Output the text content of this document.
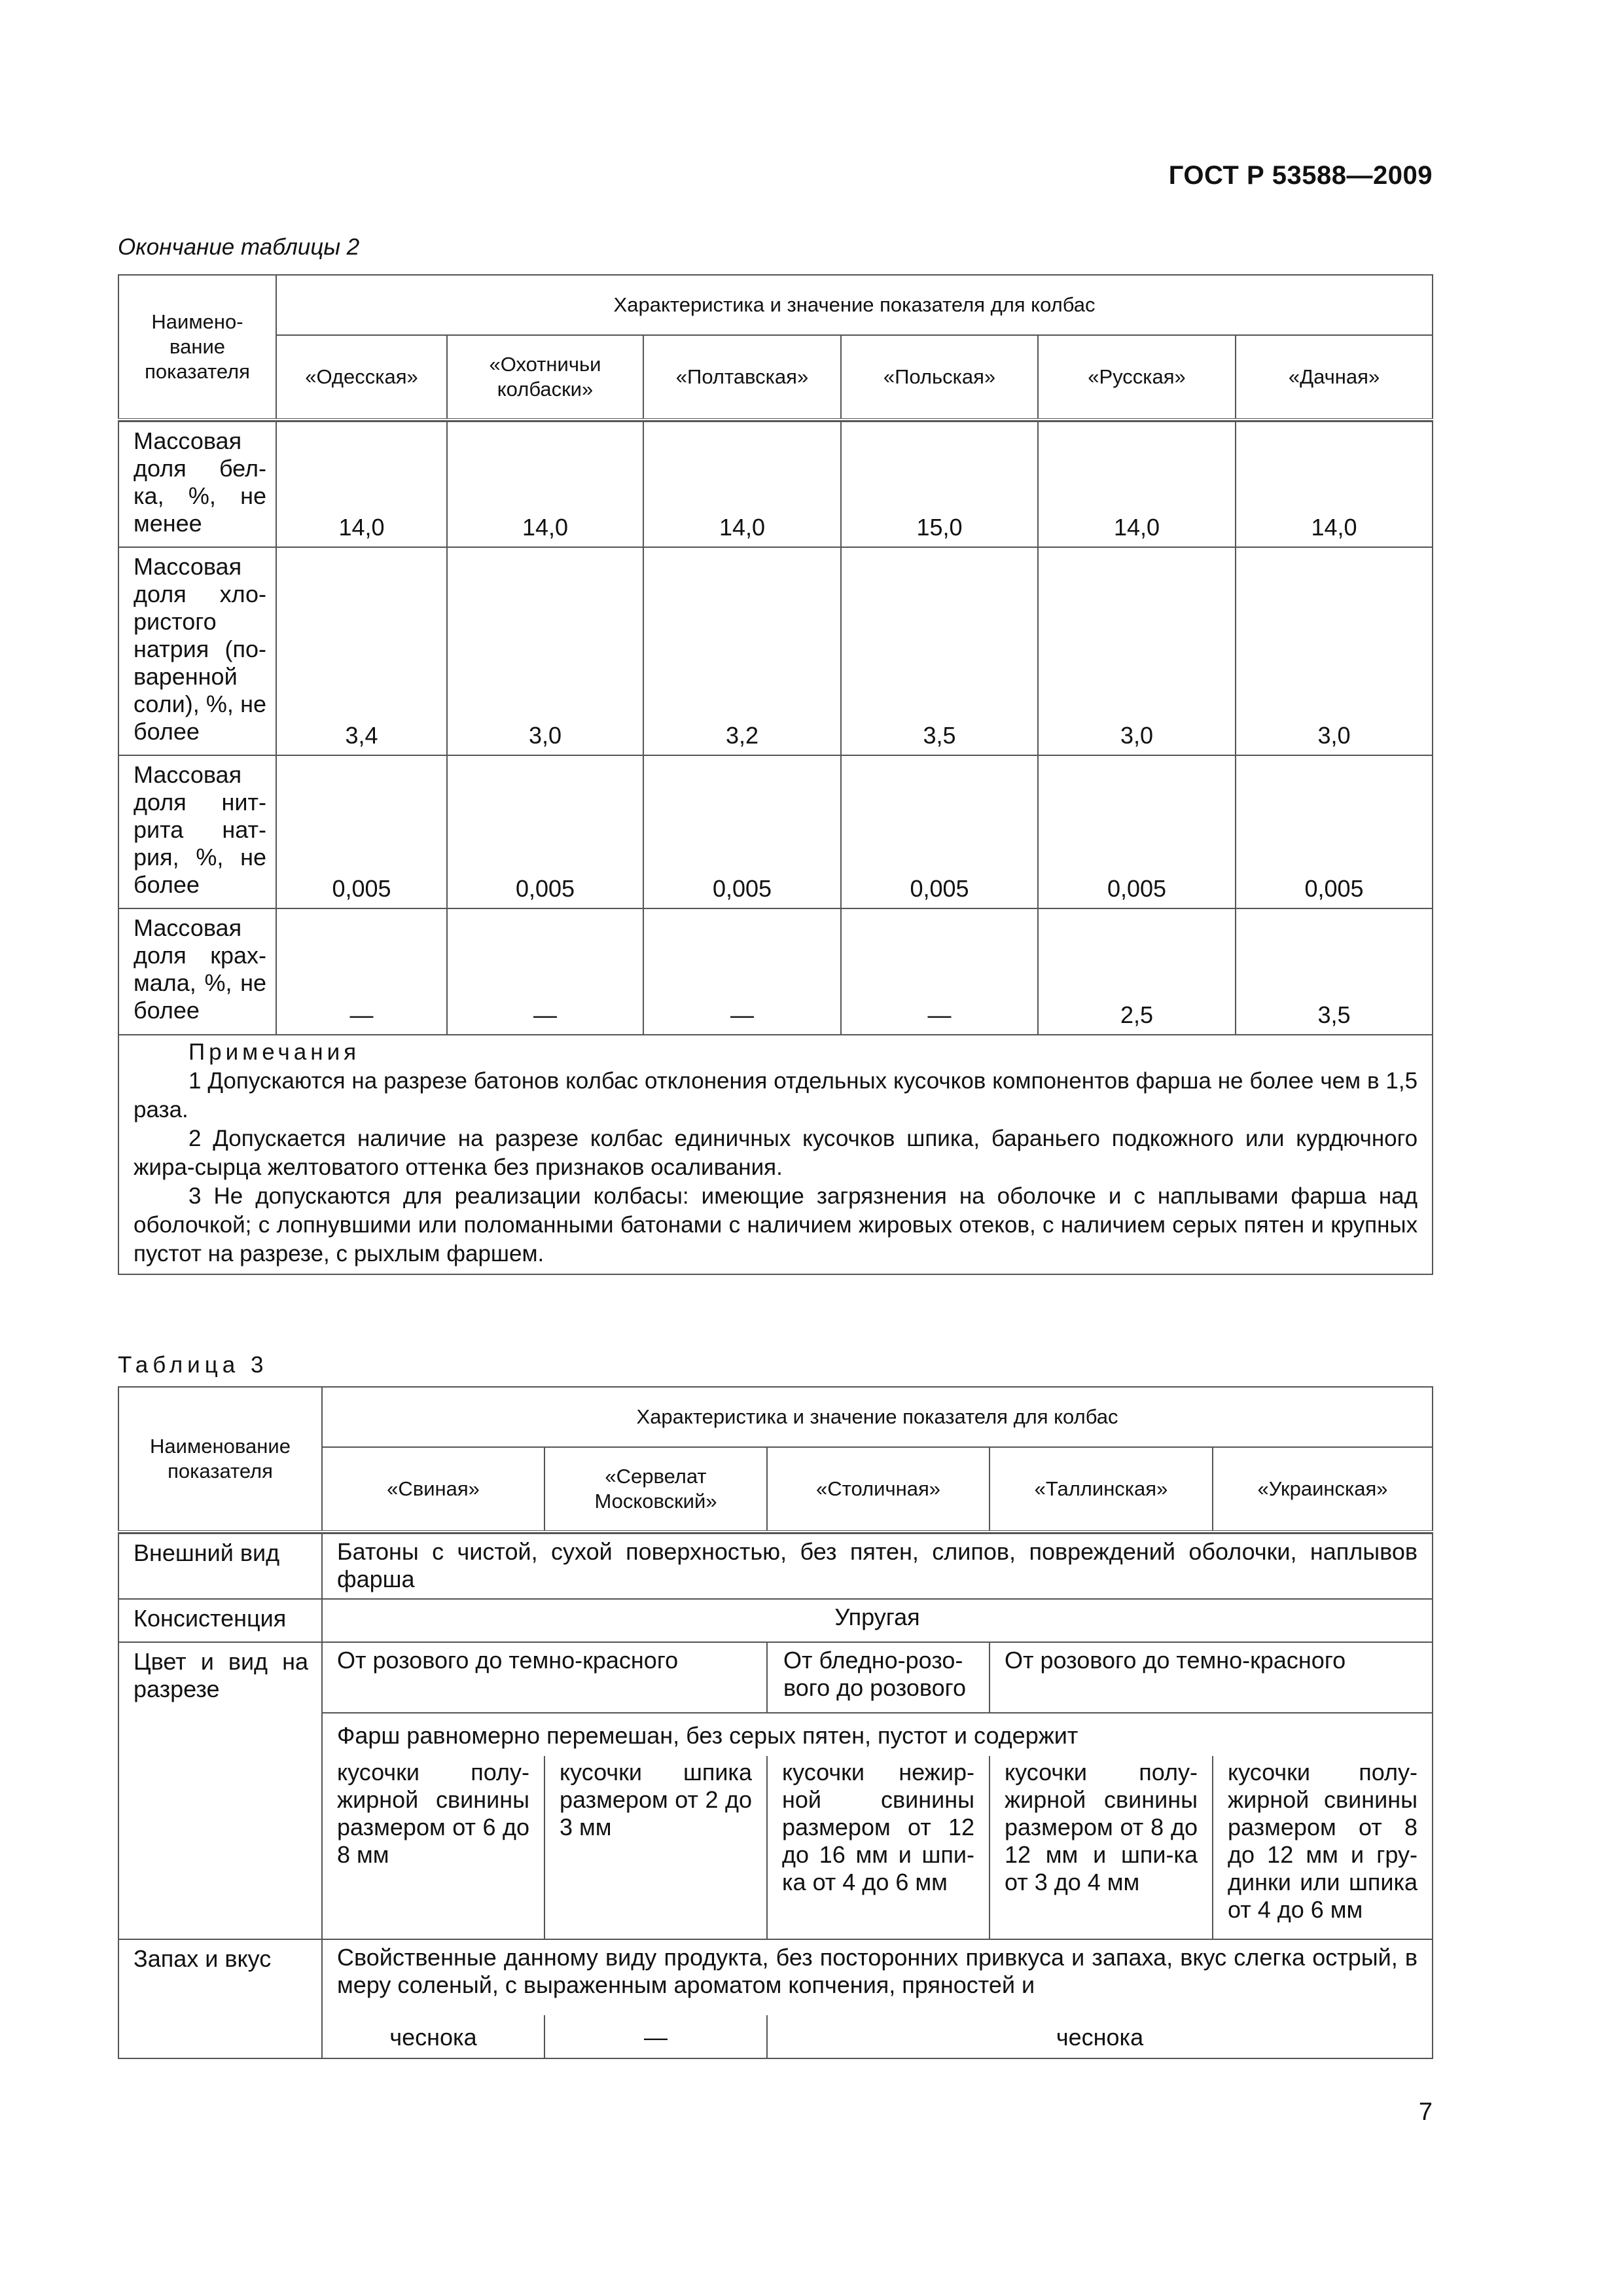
ГОСТ Р 53588—2009
Окончание таблицы 2
Наимено-вание показателя	Характеристика и значение показателя для колбас					
	«Одесская»	«Охотничьи колбаски»	«Полтавская»	«Польская»	«Русская»	«Дачная»

Массовая доля бел-ка, %, не менее	14,0	14,0	14,0	15,0	14,0	14,0
Массовая доля хло-ристого натрия (по-варенной соли), %, не более	3,4	3,0	3,2	3,5	3,0	3,0
Массовая доля нит-рита нат-рия, %, не более	0,005	0,005	0,005	0,005	0,005	0,005
Массовая доля крах-мала, %, не более	—	—	—	—	2,5	3,5

Примечания

1 Допускаются на разрезе батонов колбас отклонения отдельных кусочков компонентов фарша не более чем в 1,5 раза.

2 Допускается наличие на разрезе колбас единичных кусочков шпика, бараньего подкожного или курдючного жира-сырца желтоватого оттенка без признаков осаливания.

3 Не допускаются для реализации колбасы: имеющие загрязнения на оболочке и с наплывами фарша над оболочкой; с лопнувшими или поломанными батонами с наличием жировых отеков, с наличием серых пятен и крупных пустот на разрезе, с рыхлым фаршем.						

Таблица 3
Наименование показателя	Характеристика и значение показателя для колбас				
	«Свиная»	«Сервелат Московский»	«Столичная»	«Таллинская»	«Украинская»

Внешний вид	Батоны с чистой, сухой поверхностью, без пятен, слипов, повреждений оболочки, наплывов фарша				
Консистенция	Упругая				
Цвет и вид на разрезе	От розового до темно-красного		От бледно-розо-вого до розового	От розового до темно-красного	
	Фарш равномерно перемешан, без серых пятен, пустот и содержит				
	кусочки полу-жирной свинины размером от 6 до 8 мм	кусочки шпика размером от 2 до 3 мм	кусочки нежир-ной свинины размером от 12 до 16 мм и шпи-ка от 4 до 6 мм	кусочки полу-жирной свинины размером от 8 до 12 мм и шпи-ка от 3 до 4 мм	кусочки полу-жирной свинины размером от 8 до 12 мм и гру-динки или шпика от 4 до 6 мм
Запах и вкус	Свойственные данному виду продукта, без посторонних привкуса и запаха, вкус слегка острый, в меру соленый, с выраженным ароматом копчения, пряностей и				
	чеснока	—	чеснока		
7
